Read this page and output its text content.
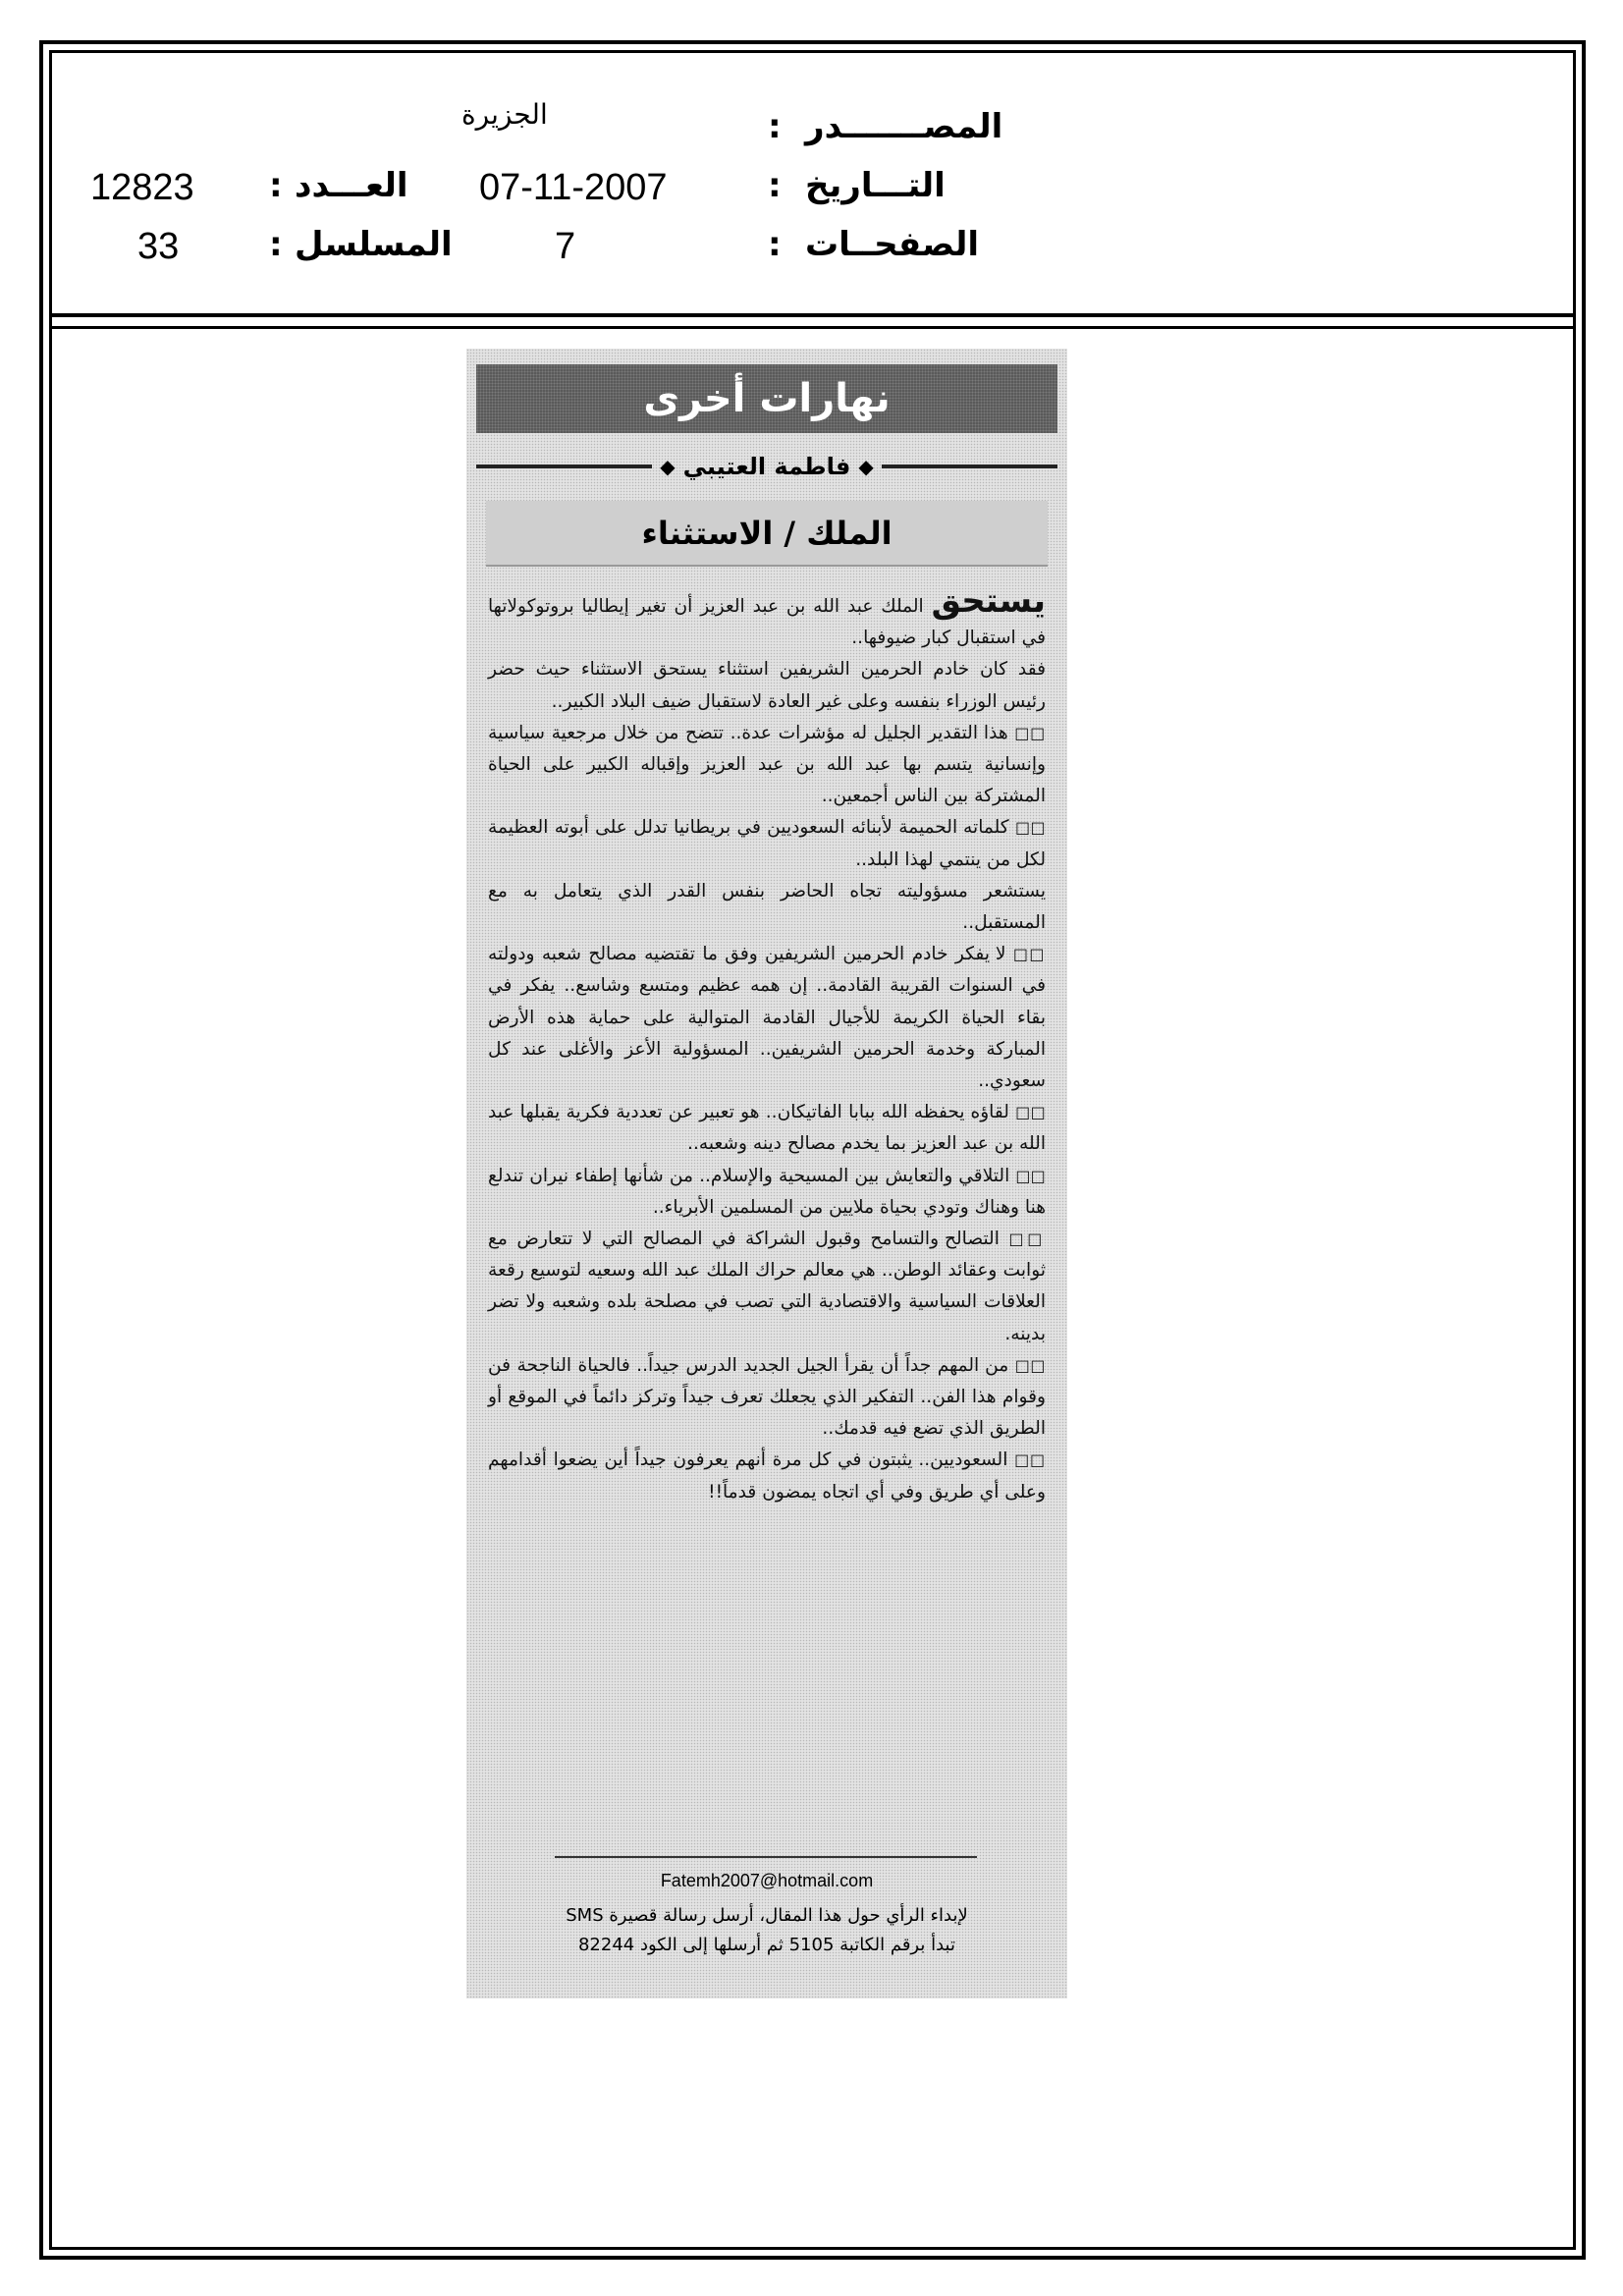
المصـــــــدر
:
الجزيرة
التـــاريخ
:
07-11-2007
العـــدد
:
12823
الصفحــات
:
7
المسلسل
:
33
نهارات أخرى
◆
فاطمة العتيبي
◆
الملك / الاستثناء

يستحق الملك عبد الله بن عبد العزيز أن تغير إيطاليا بروتوكولاتها في استقبال كبار ضيوفها..

فقد كان خادم الحرمين الشريفين استثناء يستحق الاستثناء حيث حضر رئيس الوزراء بنفسه وعلى غير العادة لاستقبال ضيف البلاد الكبير..

□□ هذا التقدير الجليل له مؤشرات عدة.. تتضح من خلال مرجعية سياسية وإنسانية يتسم بها عبد الله بن عبد العزيز وإقباله الكبير على الحياة المشتركة بين الناس أجمعين..

□□ كلماته الحميمة لأبنائه السعوديين في بريطانيا تدلل على أبوته العظيمة لكل من ينتمي لهذا البلد..

يستشعر مسؤوليته تجاه الحاضر بنفس القدر الذي يتعامل به مع المستقبل..

□□ لا يفكر خادم الحرمين الشريفين وفق ما تقتضيه مصالح شعبه ودولته في السنوات القريبة القادمة.. إن همه عظيم ومتسع وشاسع.. يفكر في بقاء الحياة الكريمة للأجيال القادمة المتوالية على حماية هذه الأرض المباركة وخدمة الحرمين الشريفين.. المسؤولية الأعز والأغلى عند كل سعودي..

□□ لقاؤه يحفظه الله ببابا الفاتيكان.. هو تعبير عن تعددية فكرية يقبلها عبد الله بن عبد العزيز بما يخدم مصالح دينه وشعبه..

□□ التلاقي والتعايش بين المسيحية والإسلام.. من شأنها إطفاء نيران تندلع هنا وهناك وتودي بحياة ملايين من المسلمين الأبرياء..

□□ التصالح والتسامح وقبول الشراكة في المصالح التي لا تتعارض مع ثوابت وعقائد الوطن.. هي معالم حراك الملك عبد الله وسعيه لتوسيع رقعة العلاقات السياسية والاقتصادية التي تصب في مصلحة بلده وشعبه ولا تضر بدينه.

□□ من المهم جداً أن يقرأ الجيل الجديد الدرس جيداً.. فالحياة الناجحة فن وقوام هذا الفن.. التفكير الذي يجعلك تعرف جيداً وتركز دائماً في الموقع أو الطريق الذي تضع فيه قدمك..

□□ السعوديين.. يثبتون في كل مرة أنهم يعرفون جيداً أين يضعوا أقدامهم وعلى أي طريق وفي أي اتجاه يمضون قدماً!!

Fatemh2007@hotmail.com
لإبداء الرأي حول هذا المقال، أرسل رسالة قصيرة SMS
تبدأ برقم الكاتبة 5105 ثم أرسلها إلى الكود 82244
